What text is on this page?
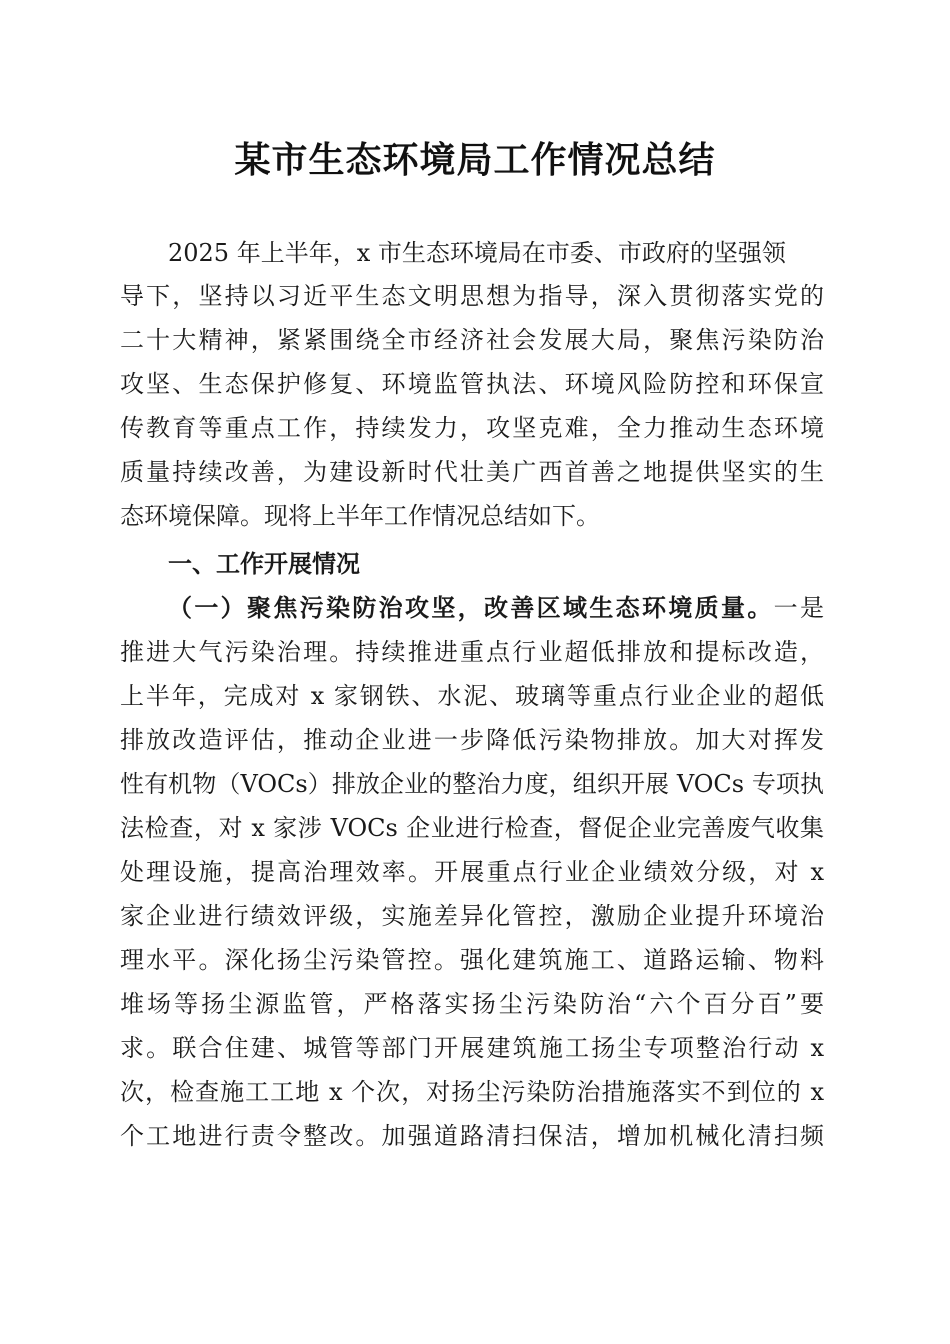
某市生态环境局工作情况总结
2025 年上半年，x 市生态环境局在市委、市政府的坚强领
导下，坚持以习近平生态文明思想为指导，深入贯彻落实党的
二十大精神，紧紧围绕全市经济社会发展大局，聚焦污染防治
攻坚、生态保护修复、环境监管执法、环境风险防控和环保宣
传教育等重点工作，持续发力，攻坚克难，全力推动生态环境
质量持续改善，为建设新时代壮美广西首善之地提供坚实的生
态环境保障。现将上半年工作情况总结如下。
一、工作开展情况
（一）聚焦污染防治攻坚，改善区域生态环境质量。一是
推进大气污染治理。持续推进重点行业超低排放和提标改造，
上半年，完成对 x 家钢铁、水泥、玻璃等重点行业企业的超低
排放改造评估，推动企业进一步降低污染物排放。加大对挥发
性有机物（VOCs）排放企业的整治力度，组织开展 VOCs 专项执
法检查，对 x 家涉 VOCs 企业进行检查，督促企业完善废气收集
处理设施，提高治理效率。开展重点行业企业绩效分级，对 x
家企业进行绩效评级，实施差异化管控，激励企业提升环境治
理水平。深化扬尘污染管控。强化建筑施工、道路运输、物料
堆场等扬尘源监管，严格落实扬尘污染防治“六个百分百”要
求。联合住建、城管等部门开展建筑施工扬尘专项整治行动 x
次，检查施工工地 x 个次，对扬尘污染防治措施落实不到位的 x
个工地进行责令整改。加强道路清扫保洁，增加机械化清扫频
